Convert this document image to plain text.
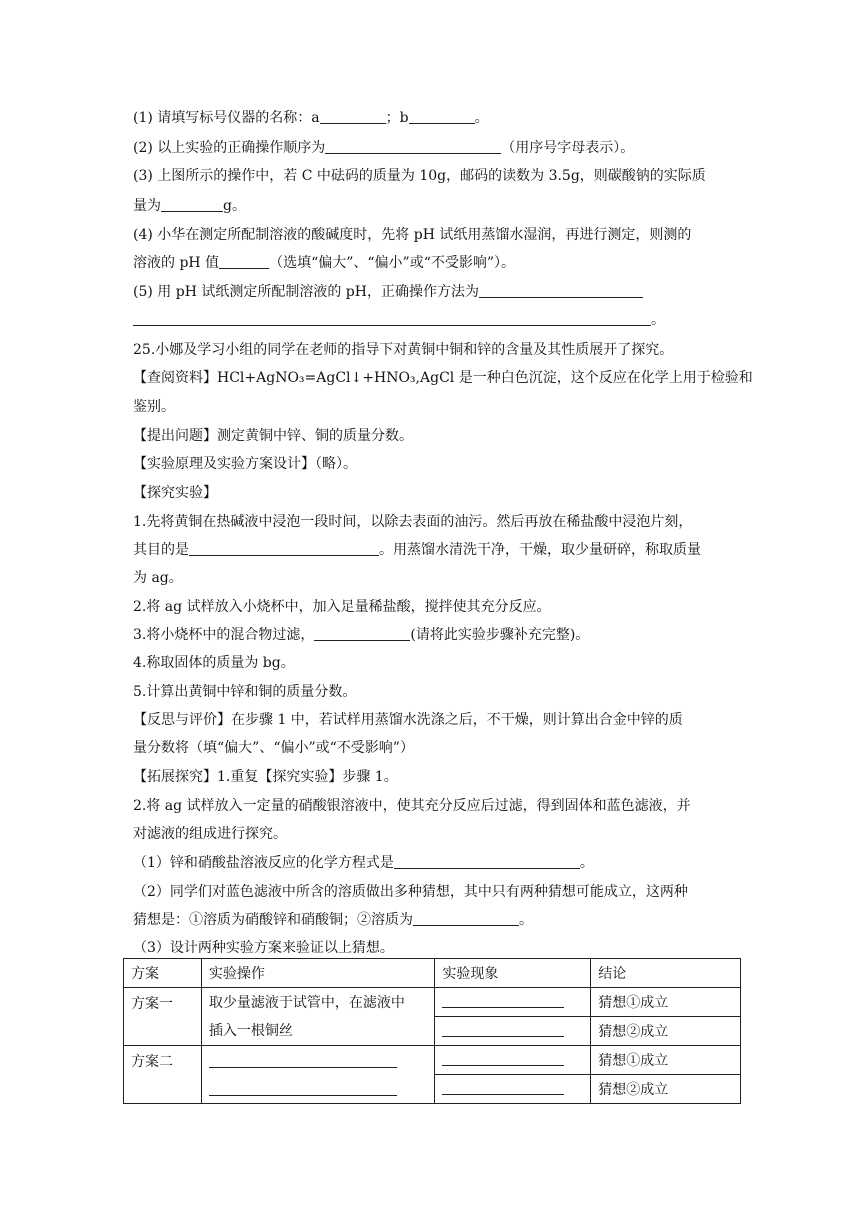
(1) 请填写标号仪器的名称：a	；b	。
(2) 以上实验的正确操作顺序为	（用序号字母表示）。
(3) 上图所示的操作中，若 C 中砝码的质量为 10g，邮码的读数为 3.5g，则碳酸钠的实际质
量为	g。
(4) 小华在测定所配制溶液的酸碱度时，先将 pH 试纸用蒸馏水湿润，再进行测定，则测的
溶液的 pH 值	（选填“偏大”、“偏小”或“不受影响”）。
(5) 用 pH 试纸测定所配制溶液的 pH，正确操作方法为
。
25.小娜及学习小组的同学在老师的指导下对黄铜中铜和锌的含量及其性质展开了探究。
【查阅资料】HCl+AgNO₃=AgCl↓+HNO₃,AgCl 是一种白色沉淀，这个反应在化学上用于检验和
鉴别。
【提出问题】测定黄铜中锌、铜的质量分数。
【实验原理及实验方案设计】（略）。
【探究实验】
1.先将黄铜在热碱液中浸泡一段时间，以除去表面的油污。然后再放在稀盐酸中浸泡片刻，
其目的是	。用蒸馏水清洗干净，干燥，取少量研碎，称取质量
为 ag。
2.将 ag 试样放入小烧杯中，加入足量稀盐酸，搅拌使其充分反应。
3.将小烧杯中的混合物过滤，	(请将此实验步骤补充完整)。
4.称取固体的质量为 bg。
5.计算出黄铜中锌和铜的质量分数。
【反思与评价】在步骤 1 中，若试样用蒸馏水洗涤之后，不干燥，则计算出合金中锌的质
量分数将（填“偏大”、“偏小”或“不受影响”）
【拓展探究】1.重复【探究实验】步骤 1。
2.将 ag 试样放入一定量的硝酸银溶液中，使其充分反应后过滤，得到固体和蓝色滤液，并
对滤液的组成进行探究。
（1）锌和硝酸盐溶液反应的化学方程式是	。
（2）同学们对蓝色滤液中所含的溶质做出多种猜想，其中只有两种猜想可能成立，这两种
猜想是：①溶质为硝酸锌和硝酸铜；②溶质为	。
（3）设计两种实验方案来验证以上猜想。
方案	实验操作	实验现象	结论
方案一	取少量滤液于试管中，在滤液中
插入一根铜丝		猜想①成立
			猜想②成立
方案二			猜想①成立
			猜想②成立
